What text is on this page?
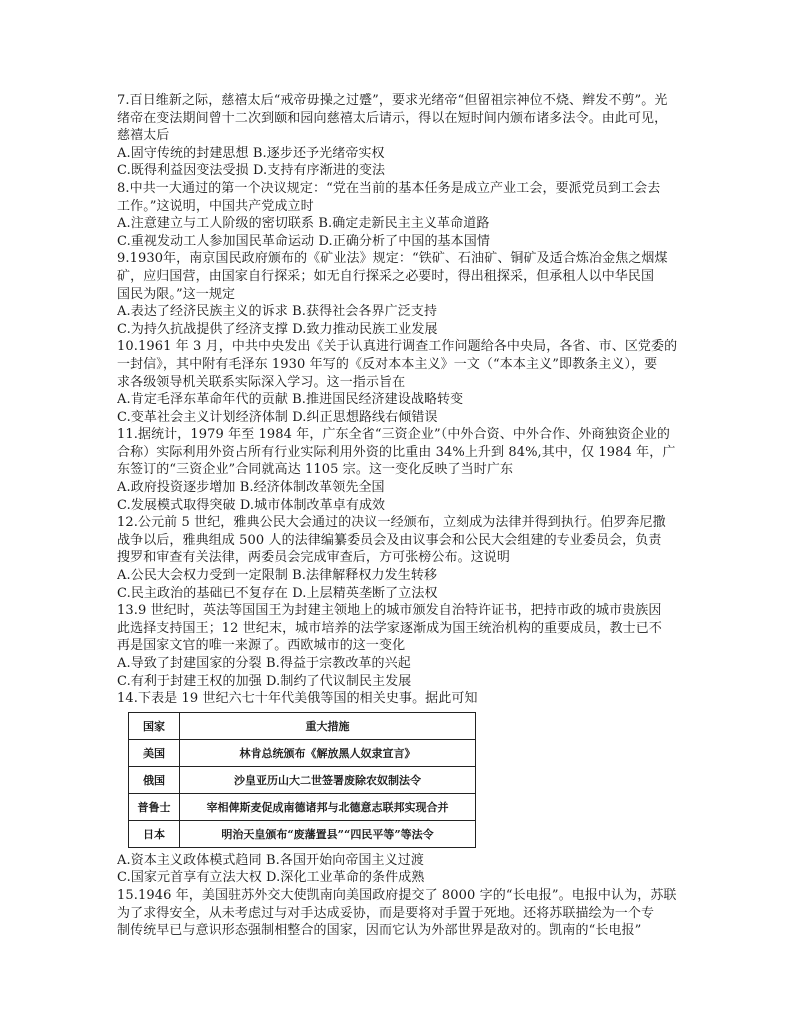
7.百日维新之际，慈禧太后“戒帝毋操之过蹙”，要求光绪帝“但留祖宗神位不烧、辫发不剪”。光
绪帝在变法期间曾十二次到颐和园向慈禧太后请示，得以在短时间内颁布诸多法令。由此可见，
慈禧太后
A.固守传统的封建思想 B.逐步还予光绪帝实权
C.既得利益因变法受损 D.支持有序渐进的变法
8.中共一大通过的第一个决议规定：“党在当前的基本任务是成立产业工会，要派党员到工会去
工作。”这说明，中国共产党成立时
A.注意建立与工人阶级的密切联系 B.确定走新民主主义革命道路
C.重视发动工人参加国民革命运动 D.正确分析了中国的基本国情
9.1930年，南京国民政府颁布的《矿业法》规定：“铁矿、石油矿、铜矿及适合炼冶金焦之烟煤
矿，应归国营，由国家自行探采；如无自行探采之必要时，得出租探采，但承租人以中华民国
国民为限。”这一规定
A.表达了经济民族主义的诉求 B.获得社会各界广泛支持
C.为持久抗战提供了经济支撑 D.致力推动民族工业发展
10.1961 年 3 月，中共中央发出《关于认真进行调查工作问题给各中央局，各省、市、区党委的
一封信》，其中附有毛泽东 1930 年写的《反对本本主义》一文（“本本主义”即教条主义），要
求各级领导机关联系实际深入学习。这一指示旨在
A.肯定毛泽东革命年代的贡献 B.推进国民经济建设战略转变
C.变革社会主义计划经济体制 D.纠正思想路线右倾错误
11.据统计，1979 年至 1984 年，广东全省“三资企业”（中外合资、中外合作、外商独资企业的
合称）实际利用外资占所有行业实际利用外资的比重由 34%上升到 84%,其中，仅 1984 年，广
东签订的“三资企业”合同就高达 1105 宗。这一变化反映了当时广东
A.政府投资逐步增加 B.经济体制改革领先全国
C.发展模式取得突破 D.城市体制改革卓有成效
12.公元前 5 世纪，雅典公民大会通过的决议一经颁布，立刻成为法律并得到执行。伯罗奔尼撒
战争以后，雅典组成 500 人的法律编纂委员会及由议事会和公民大会组建的专业委员会，负责
搜罗和审查有关法律，两委员会完成审查后，方可张榜公布。这说明
A.公民大会权力受到一定限制 B.法律解释权力发生转移
C.民主政治的基础已不复存在 D.上层精英垄断了立法权
13.9 世纪时，英法等国国王为封建主领地上的城市颁发自治特许证书，把持市政的城市贵族因
此选择支持国王；12 世纪末，城市培养的法学家逐渐成为国王统治机构的重要成员，教士已不
再是国家文官的唯一来源了。西欧城市的这一变化
A.导致了封建国家的分裂 B.得益于宗教改革的兴起
C.有利于封建王权的加强 D.制约了代议制民主发展
14.下表是 19 世纪六七十年代美俄等国的相关史事。据此可知
国家	重大措施
美国	林肯总统颁布《解放黑人奴隶宣言》
俄国	沙皇亚历山大二世签署废除农奴制法令
普鲁士	宰相俾斯麦促成南德诸邦与北德意志联邦实现合并
日本	明治天皇颁布“废藩置县”“四民平等”等法令
A.资本主义政体模式趋同 B.各国开始向帝国主义过渡
C.国家元首享有立法大权 D.深化工业革命的条件成熟
15.1946 年，美国驻苏外交大使凯南向美国政府提交了 8000 字的“长电报”。电报中认为，苏联
为了求得安全，从未考虑过与对手达成妥协，而是要将对手置于死地。还将苏联描绘为一个专
制传统早已与意识形态强制相整合的国家，因而它认为外部世界是敌对的。凯南的“长电报”
